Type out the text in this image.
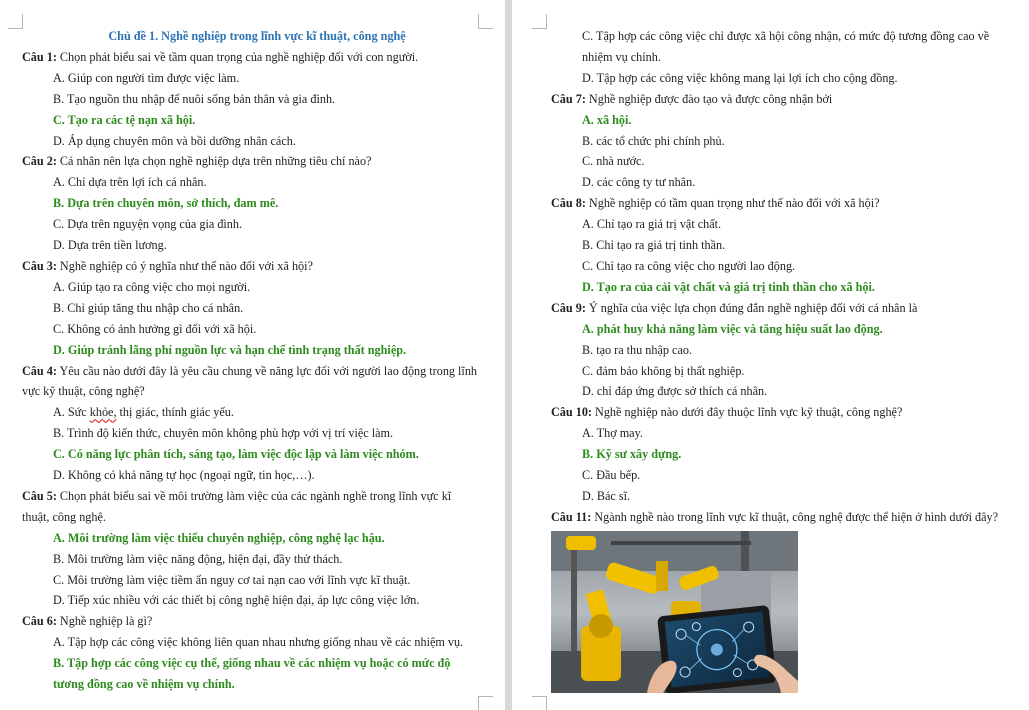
Chủ đề 1. Nghề nghiệp trong lĩnh vực kĩ thuật, công nghệ
Câu 1: Chọn phát biểu sai về tầm quan trọng của nghề nghiệp đối với con người.
A. Giúp con người tìm được việc làm.
B. Tạo nguồn thu nhập để nuôi sống bản thân và gia đình.
C. Tạo ra các tệ nạn xã hội.
D. Áp dụng chuyên môn và bồi dưỡng nhân cách.
Câu 2: Cá nhân nên lựa chọn nghề nghiệp dựa trên những tiêu chí nào?
A. Chỉ dựa trên lợi ích cá nhân.
B. Dựa trên chuyên môn, sở thích, đam mê.
C. Dựa trên nguyện vọng của gia đình.
D. Dựa trên tiền lương.
Câu 3: Nghề nghiệp có ý nghĩa như thế nào đối với xã hội?
A. Giúp tạo ra công việc cho mọi người.
B. Chỉ giúp tăng thu nhập cho cá nhân.
C. Không có ảnh hưởng gì đối với xã hội.
D. Giúp tránh lãng phí nguồn lực và hạn chế tình trạng thất nghiệp.
Câu 4: Yêu cầu nào dưới đây là yêu cầu chung về năng lực đối với người lao động trong lĩnh
vực kỹ thuật, công nghệ?
A. Sức khỏe, thị giác, thính giác yếu.
B. Trình độ kiến thức, chuyên môn không phù hợp với vị trí việc làm.
C. Có năng lực phân tích, sáng tạo, làm việc độc lập và làm việc nhóm.
D. Không có khả năng tự học (ngoại ngữ, tin học,…).
Câu 5: Chọn phát biểu sai về môi trường làm việc của các ngành nghề trong lĩnh vực kĩ
thuật, công nghệ.
A. Môi trường làm việc thiếu chuyên nghiệp, công nghệ lạc hậu.
B. Môi trường làm việc năng động, hiện đại, đầy thử thách.
C. Môi trường làm việc tiềm ẩn nguy cơ tai nạn cao với lĩnh vực kĩ thuật.
D. Tiếp xúc nhiều với các thiết bị công nghệ hiện đại, áp lực công việc lớn.
Câu 6: Nghề nghiệp là gì?
A. Tập hợp các công việc không liên quan nhau nhưng giống nhau về các nhiệm vụ.
B. Tập hợp các công việc cụ thể, giống nhau về các nhiệm vụ hoặc có mức độ
tương đồng cao về nhiệm vụ chính.
C. Tập hợp các công việc chỉ được xã hội công nhận, có mức độ tương đồng cao về
nhiệm vụ chính.
D. Tập hợp các công việc không mang lại lợi ích cho cộng đồng.
Câu 7: Nghề nghiệp được đào tạo và được công nhận bởi
A. xã hội.
B. các tổ chức phi chính phủ.
C. nhà nước.
D. các công ty tư nhân.
Câu 8: Nghề nghiệp có tầm quan trọng như thế nào đối với xã hội?
A. Chỉ tạo ra giá trị vật chất.
B. Chỉ tạo ra giá trị tinh thần.
C. Chỉ tạo ra công việc cho người lao động.
D. Tạo ra của cải vật chất và giá trị tinh thần cho xã hội.
Câu 9: Ý nghĩa của việc lựa chọn đúng đắn nghề nghiệp đối với cá nhân là
A. phát huy khả năng làm việc và tăng hiệu suất lao động.
B. tạo ra thu nhập cao.
C. đảm bảo không bị thất nghiệp.
D. chỉ đáp ứng được sở thích cá nhân.
Câu 10: Nghề nghiệp nào dưới đây thuộc lĩnh vực kỹ thuật, công nghệ?
A. Thợ may.
B. Kỹ sư xây dựng.
C. Đầu bếp.
D. Bác sĩ.
Câu 11: Ngành nghề nào trong lĩnh vực kĩ thuật, công nghệ được thể hiện ở hình dưới đây?
